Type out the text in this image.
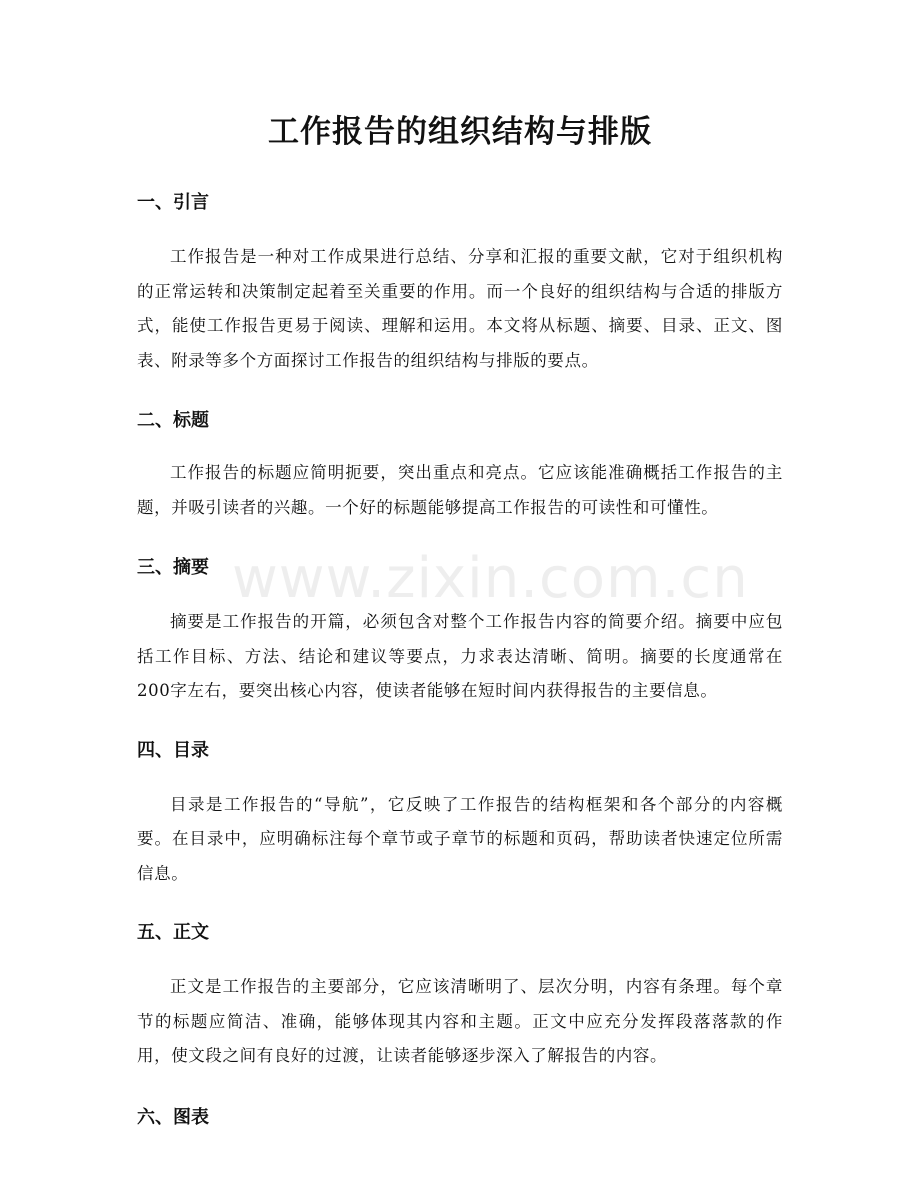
工作报告的组织结构与排版
一、引言

工作报告是一种对工作成果进行总结、分享和汇报的重要文献，它对于组织机构的正常运转和决策制定起着至关重要的作用。而一个良好的组织结构与合适的排版方式，能使工作报告更易于阅读、理解和运用。本文将从标题、摘要、目录、正文、图表、附录等多个方面探讨工作报告的组织结构与排版的要点。

二、标题

工作报告的标题应简明扼要，突出重点和亮点。它应该能准确概括工作报告的主题，并吸引读者的兴趣。一个好的标题能够提高工作报告的可读性和可懂性。

三、摘要

摘要是工作报告的开篇，必须包含对整个工作报告内容的简要介绍。摘要中应包括工作目标、方法、结论和建议等要点，力求表达清晰、简明。摘要的长度通常在200字左右，要突出核心内容，使读者能够在短时间内获得报告的主要信息。

四、目录

目录是工作报告的“导航”，它反映了工作报告的结构框架和各个部分的内容概要。在目录中，应明确标注每个章节或子章节的标题和页码，帮助读者快速定位所需信息。

五、正文

正文是工作报告的主要部分，它应该清晰明了、层次分明，内容有条理。每个章节的标题应简洁、准确，能够体现其内容和主题。正文中应充分发挥段落落款的作用，使文段之间有良好的过渡，让读者能够逐步深入了解报告的内容。

六、图表
www.zixin.com.cn
